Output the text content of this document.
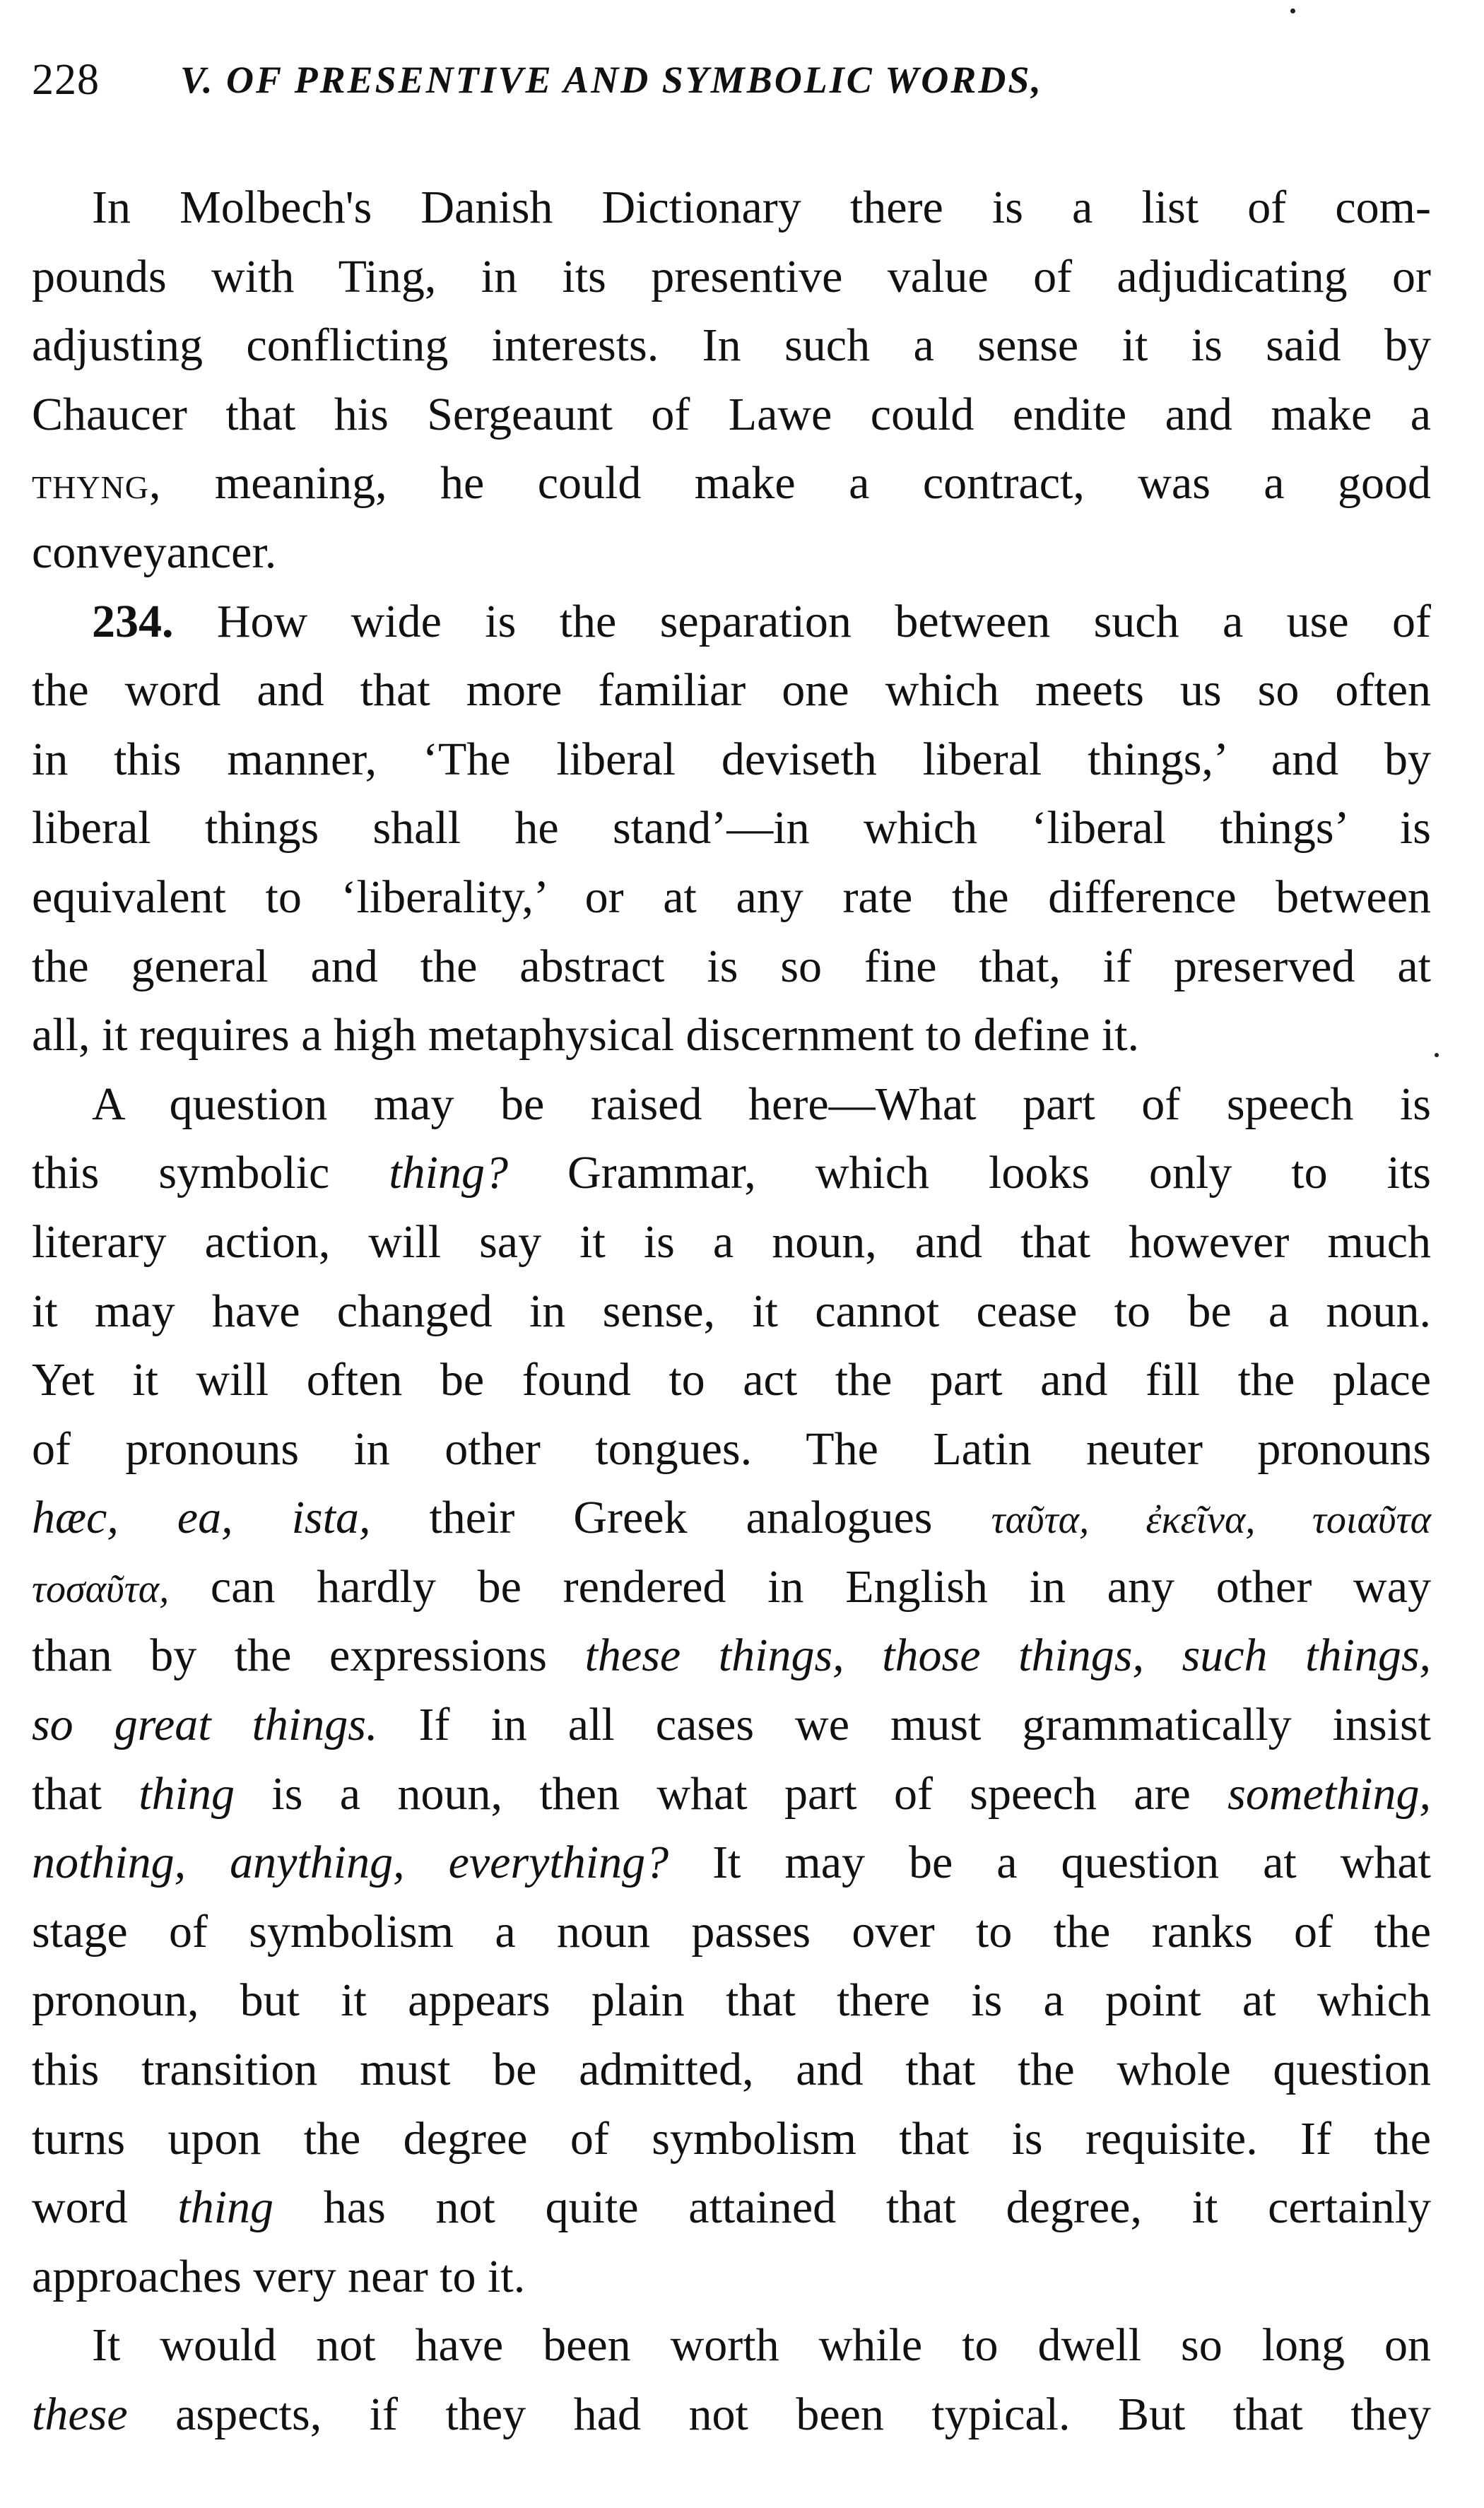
228 V. OF PRESENTIVE AND SYMBOLIC WORDS,
In Molbech's Danish Dictionary there is a list of com-
pounds with Ting, in its presentive value of adjudicating or
adjusting conflicting interests. In such a sense it is said by
Chaucer that his Sergeaunt of Lawe could endite and make a
thyng, meaning, he could make a contract, was a good
conveyancer.
234. How wide is the separation between such a use of
the word and that more familiar one which meets us so often
in this manner, ‘The liberal deviseth liberal things,’ and by
liberal things shall he stand’—in which ‘liberal things’ is
equivalent to ‘liberality,’ or at any rate the difference between
the general and the abstract is so fine that, if preserved at
all, it requires a high metaphysical discernment to define it.
A question may be raised here—What part of speech is
this symbolic thing? Grammar, which looks only to its
literary action, will say it is a noun, and that however much
it may have changed in sense, it cannot cease to be a noun.
Yet it will often be found to act the part and fill the place
of pronouns in other tongues. The Latin neuter pronouns
hæc, ea, ista, their Greek analogues ταῦτα, ἐκεῖνα, τοιαῦτα
τοσαῦτα, can hardly be rendered in English in any other way
than by the expressions these things, those things, such things,
so great things. If in all cases we must grammatically insist
that thing is a noun, then what part of speech are something,
nothing, anything, everything? It may be a question at what
stage of symbolism a noun passes over to the ranks of the
pronoun, but it appears plain that there is a point at which
this transition must be admitted, and that the whole question
turns upon the degree of symbolism that is requisite. If the
word thing has not quite attained that degree, it certainly
approaches very near to it.
It would not have been worth while to dwell so long on
these aspects, if they had not been typical. But that they
